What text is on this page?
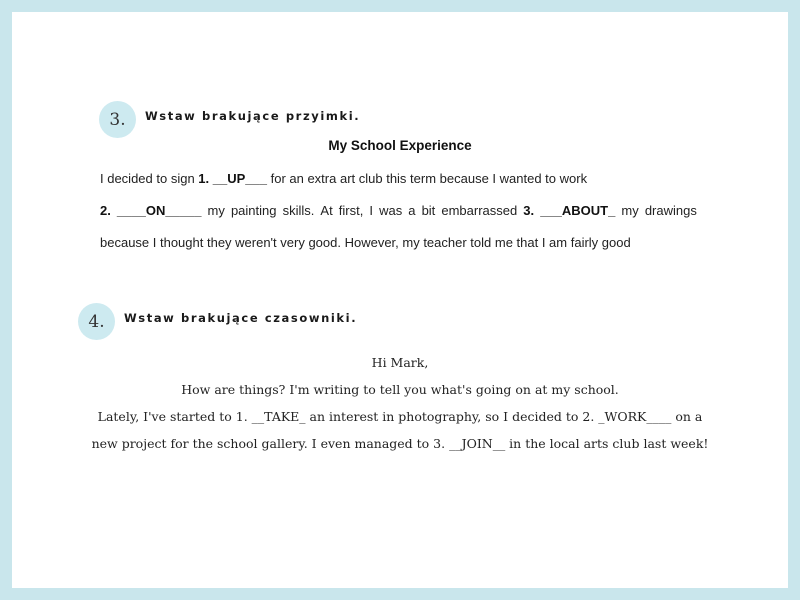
3. Wstaw brakujące przyimki.
My School Experience
I decided to sign 1. __UP___ for an extra art club this term because I wanted to work
2. ____ON_____ my painting skills. At first, I was a bit embarrassed 3. ___ABOUT_ my drawings
because I thought they weren't very good. However, my teacher told me that I am fairly good
4. Wstaw brakujące czasowniki.
Hi Mark,
How are things? I'm writing to tell you what's going on at my school.
Lately, I've started to 1. __TAKE_ an interest in photography, so I decided to 2. _WORK____ on a
new project for the school gallery. I even managed to 3. __JOIN__ in the local arts club last week!
